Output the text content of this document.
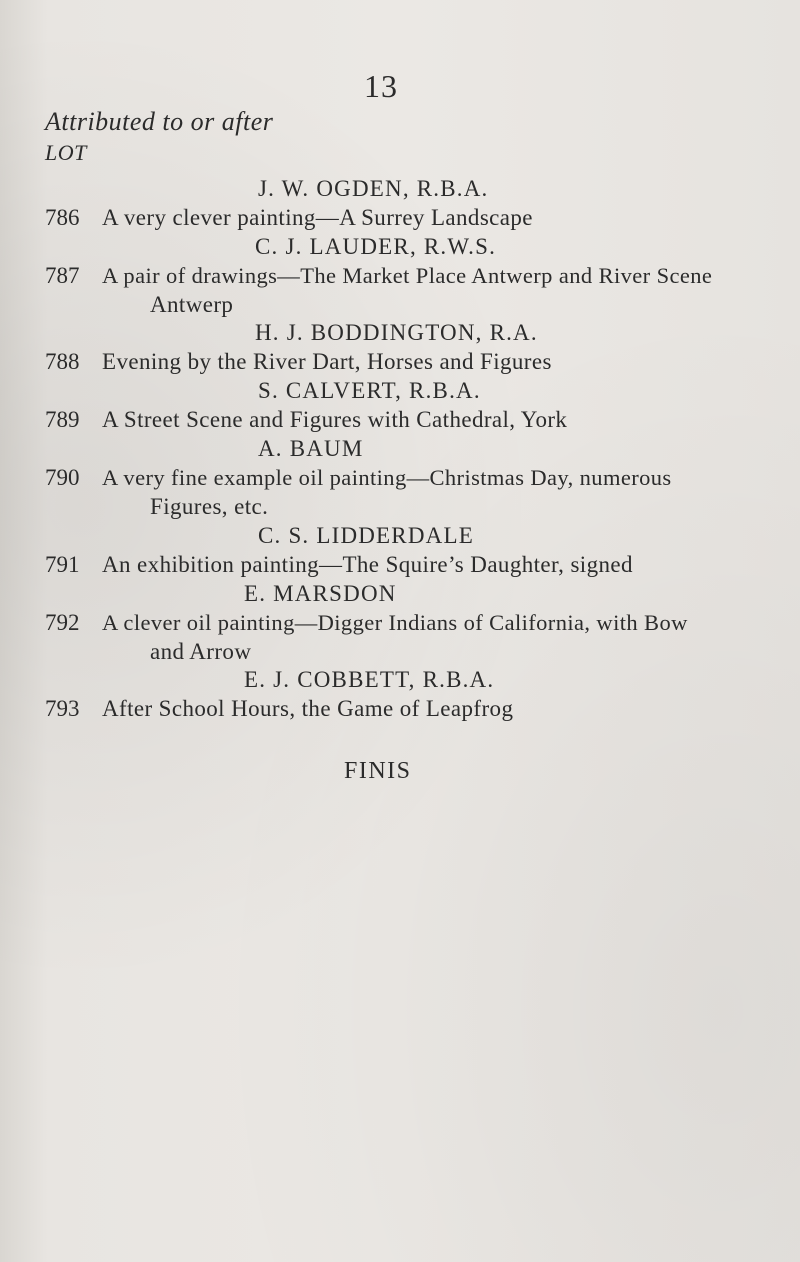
13
Attributed to or after
LOT
J. W. OGDEN, R.B.A.
786 A very clever painting—A Surrey Landscape
C. J. LAUDER, R.W.S.
787 A pair of drawings—The Market Place Antwerp and River Scene
Antwerp
H. J. BODDINGTON, R.A.
788 Evening by the River Dart, Horses and Figures
S. CALVERT, R.B.A.
789 A Street Scene and Figures with Cathedral, York
A. BAUM
790 A very fine example oil painting—Christmas Day, numerous
Figures, etc.
C. S. LIDDERDALE
791 An exhibition painting—The Squire’s Daughter, signed
E. MARSDON
792 A clever oil painting—Digger Indians of California, with Bow
and Arrow
E. J. COBBETT, R.B.A.
793 After School Hours, the Game of Leapfrog
FINIS
